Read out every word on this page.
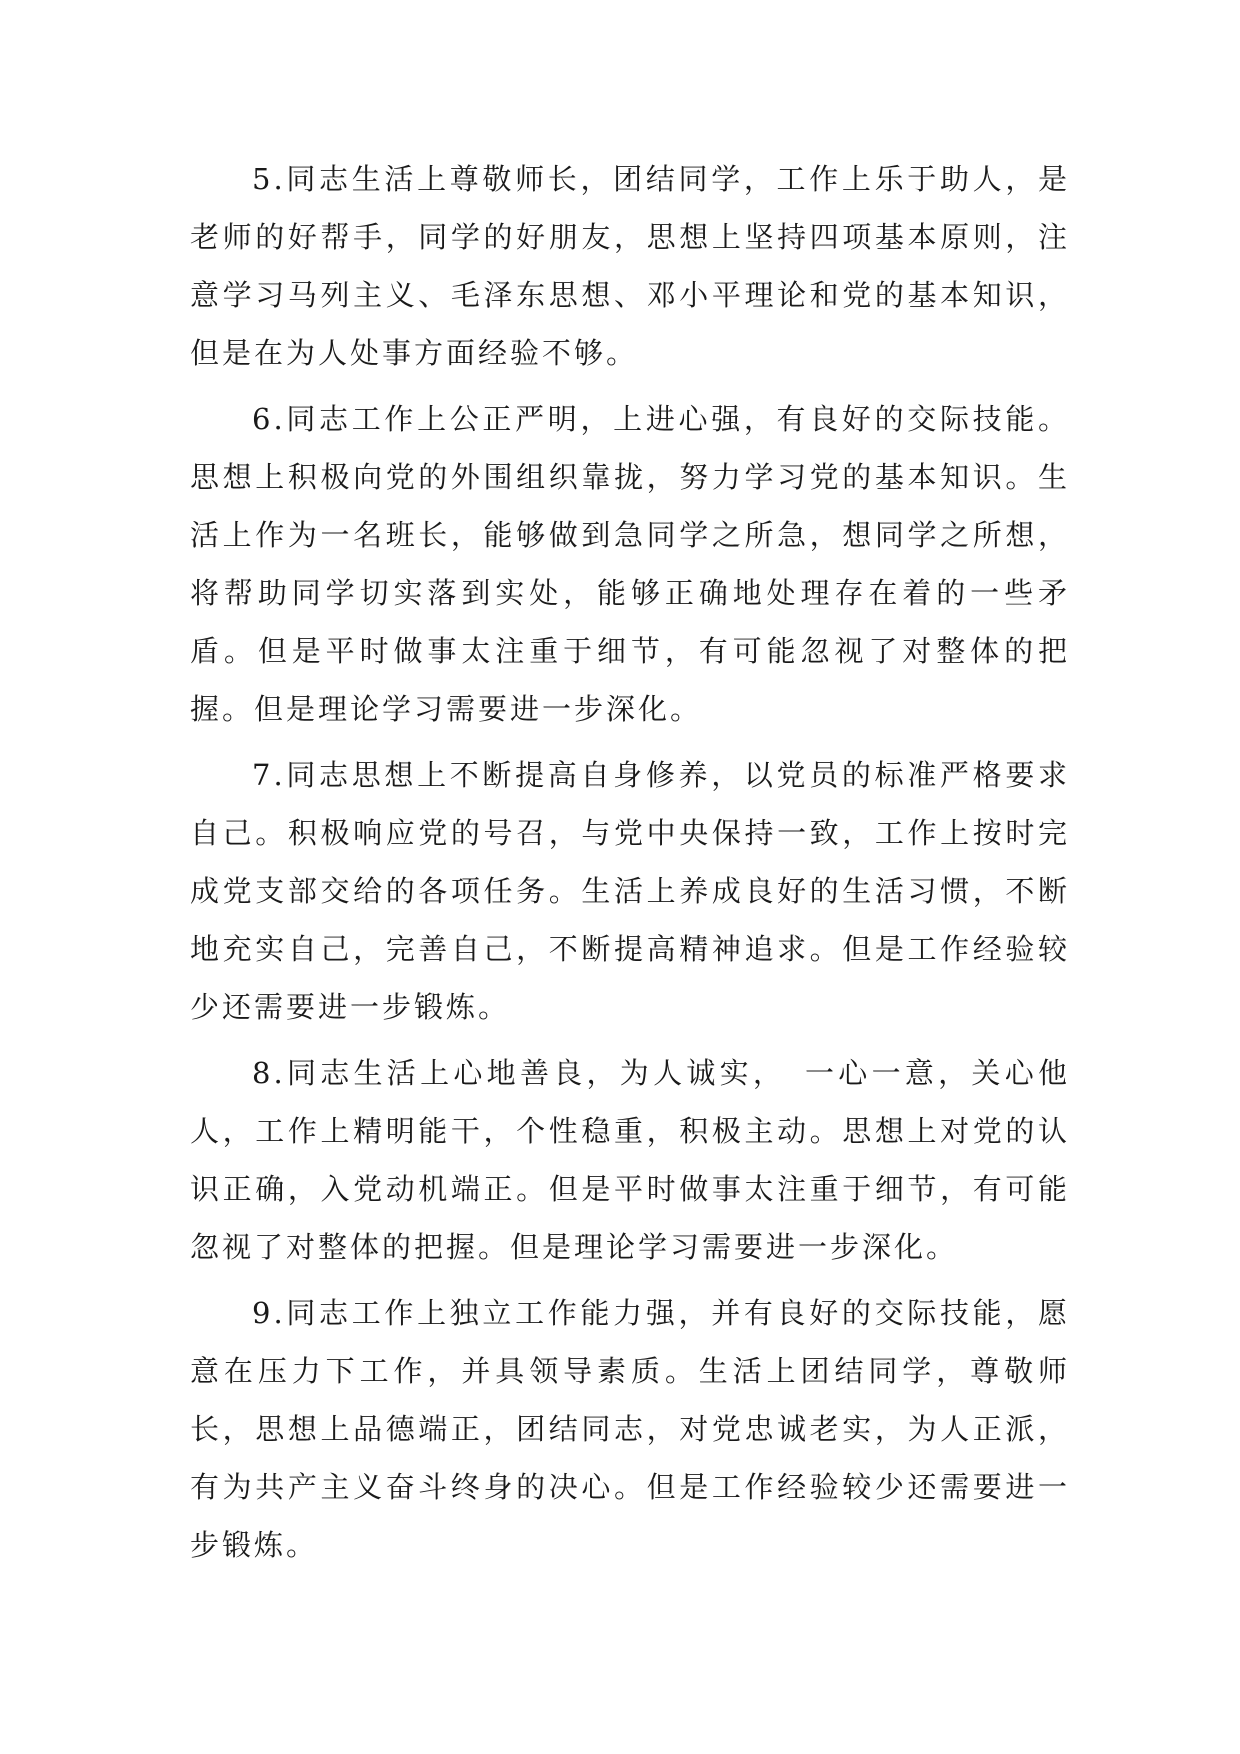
5.同志生活上尊敬师长，团结同学，工作上乐于助人，是老师的好帮手，同学的好朋友，思想上坚持四项基本原则，注意学习马列主义、毛泽东思想、邓小平理论和党的基本知识，但是在为人处事方面经验不够。

6.同志工作上公正严明，上进心强，有良好的交际技能。思想上积极向党的外围组织靠拢，努力学习党的基本知识。生活上作为一名班长，能够做到急同学之所急，想同学之所想，将帮助同学切实落到实处，能够正确地处理存在着的一些矛盾。但是平时做事太注重于细节，有可能忽视了对整体的把握。但是理论学习需要进一步深化。

7.同志思想上不断提高自身修养，以党员的标准严格要求自己。积极响应党的号召，与党中央保持一致，工作上按时完成党支部交给的各项任务。生活上养成良好的生活习惯，不断地充实自己，完善自己，不断提高精神追求。但是工作经验较少还需要进一步锻炼。

8.同志生活上心地善良，为人诚实，　一心一意，关心他人，工作上精明能干，个性稳重，积极主动。思想上对党的认识正确，入党动机端正。但是平时做事太注重于细节，有可能忽视了对整体的把握。但是理论学习需要进一步深化。

9.同志工作上独立工作能力强，并有良好的交际技能，愿意在压力下工作，并具领导素质。生活上团结同学，尊敬师长，思想上品德端正，团结同志，对党忠诚老实，为人正派，有为共产主义奋斗终身的决心。但是工作经验较少还需要进一步锻炼。
